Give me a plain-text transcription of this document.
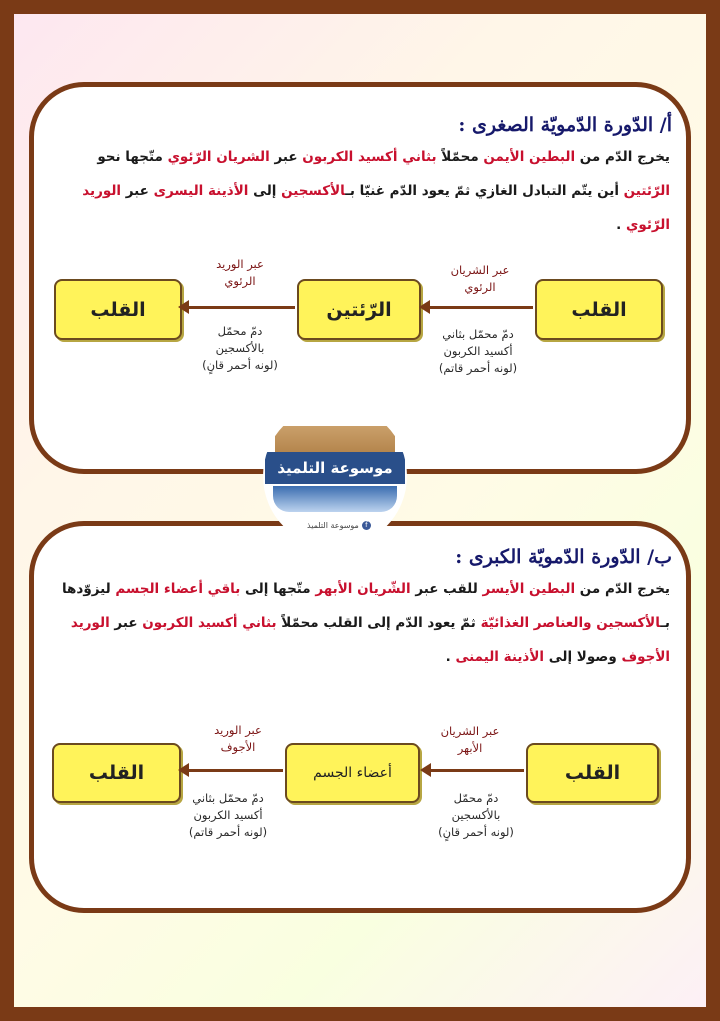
أ/ الدّورة الدّمويّة الصغرى :
يخرج الدّم من البطين الأيمن محمّلاً بثاني أكسيد الكربون عبر الشريان الرّئوي متّجها نحو الرّئتين أين يتّم التبادل الغازي ثمّ يعود الدّم غنيّا بـالأكسجين إلى الأذينة اليسرى عبر الوريد الرّئوي .
القلب
الرّئتين
القلب
عبر الشريان
الرئوي
دمّ محمّل بثاني
أكسيد الكربون
(لونه أحمر قاتم)
عبر الوريد
الرئوي
دمّ محمّل
بالأكسجين
(لونه أحمر قانٍ)
ب/ الدّورة الدّمويّة الكبرى :
يخرج الدّم من البطين الأيسر للقب عبر الشّريان الأبهر متّجها إلى باقي أعضاء الجسم ليزوّدها بـالأكسجين والعناصر الغذائيّة ثمّ يعود الدّم إلى القلب محمّلاً بثاني أكسيد الكربون عبر الوريد الأجوف وصولا إلى الأذينة اليمنى .
القلب
أعضاء الجسم
القلب
عبر الشريان
الأبهر
دمّ محمّل
بالأكسجين
(لونه أحمر قانٍ)
عبر الوريد
الأجوف
دمّ محمّل بثاني
أكسيد الكربون
(لونه أحمر قاتم)
موسوعة التلميذ
f
موسوعة التلميذ
